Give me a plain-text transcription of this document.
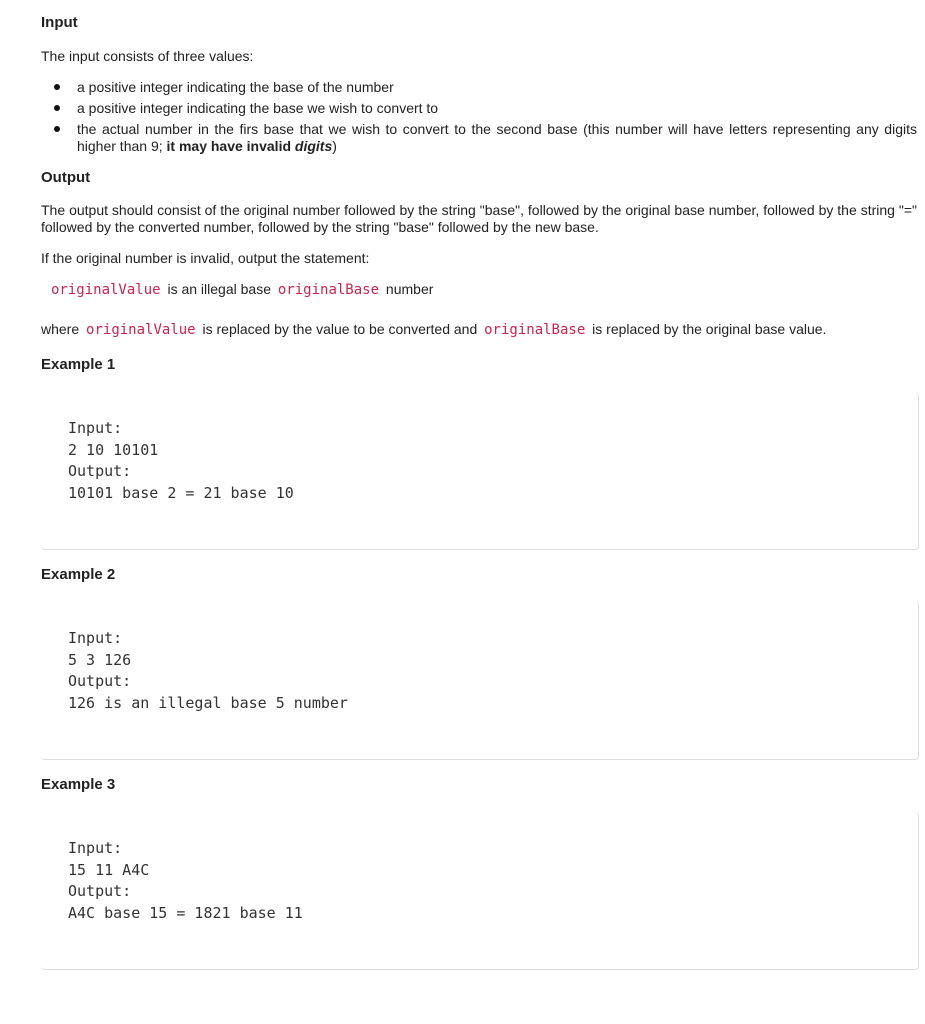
Input

The input consists of three values:

a positive integer indicating the base of the number
a positive integer indicating the base we wish to convert to
the actual number in the firs base that we wish to convert to the second base (this number will have letters representing any digits higher than 9; it may have invalid digits)
Output

The output should consist of the original number followed by the string "base", followed by the original base number, followed by the string "=" followed by the converted number, followed by the string "base" followed by the new base.

If the original number is invalid, output the statement:

originalValue is an illegal base originalBase number

where originalValue is replaced by the value to be converted and originalBase is replaced by the original base value.

Example 1
Input:
2 10 10101
Output:
10101 base 2 = 21 base 10
Example 2
Input:
5 3 126
Output:
126 is an illegal base 5 number
Example 3
Input:
15 11 A4C
Output:
A4C base 15 = 1821 base 11
